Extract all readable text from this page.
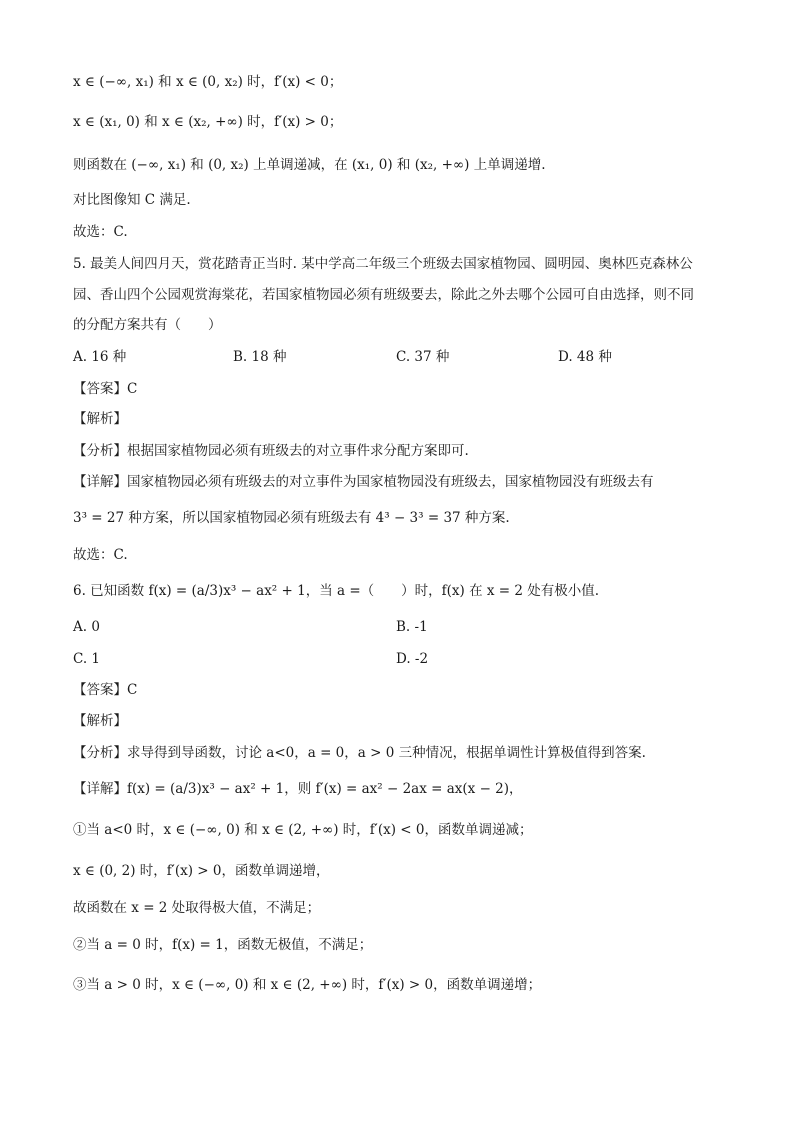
x ∈ (−∞, x₁) 和 x ∈ (0, x₂) 时，f′(x) < 0；
x ∈ (x₁, 0) 和 x ∈ (x₂, +∞) 时，f′(x) > 0；
则函数在 (−∞, x₁) 和 (0, x₂) 上单调递减，在 (x₁, 0) 和 (x₂, +∞) 上单调递增.
对比图像知 C 满足.
故选：C.
5. 最美人间四月天，赏花踏青正当时. 某中学高二年级三个班级去国家植物园、圆明园、奥林匹克森林公
园、香山四个公园观赏海棠花，若国家植物园必须有班级要去，除此之外去哪个公园可自由选择，则不同
的分配方案共有（　　）
A. 16 种	B. 18 种	C. 37 种	D. 48 种
【答案】C
【解析】
【分析】根据国家植物园必须有班级去的对立事件求分配方案即可.
【详解】国家植物园必须有班级去的对立事件为国家植物园没有班级去，国家植物园没有班级去有
3³ = 27 种方案，所以国家植物园必须有班级去有 4³ − 3³ = 37 种方案.
故选：C.
6. 已知函数 f(x) = (a/3)x³ − ax² + 1，当 a =（　　）时，f(x) 在 x = 2 处有极小值.
A. 0	B. -1
C. 1	D. -2
【答案】C
【解析】
【分析】求导得到导函数，讨论 a<0，a = 0，a > 0 三种情况，根据单调性计算极值得到答案.
【详解】f(x) = (a/3)x³ − ax² + 1，则 f′(x) = ax² − 2ax = ax(x − 2)，
①当 a<0 时，x ∈ (−∞, 0) 和 x ∈ (2, +∞) 时，f′(x) < 0，函数单调递减；
x ∈ (0, 2) 时，f′(x) > 0，函数单调递增，
故函数在 x = 2 处取得极大值，不满足；
②当 a = 0 时，f(x) = 1，函数无极值，不满足；
③当 a > 0 时，x ∈ (−∞, 0) 和 x ∈ (2, +∞) 时，f′(x) > 0，函数单调递增；
